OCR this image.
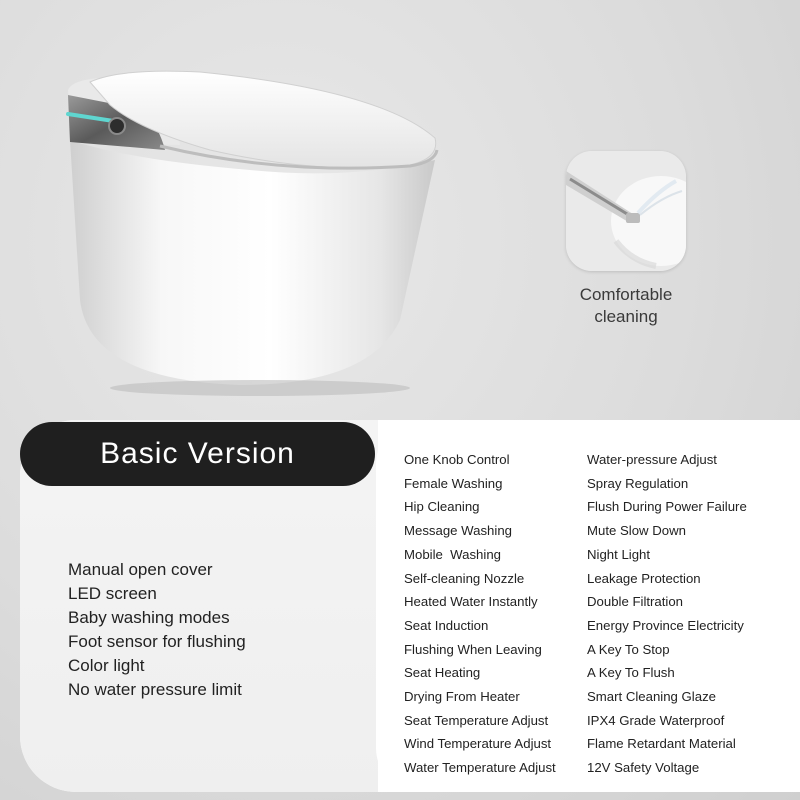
Comfortable
cleaning
Basic Version
Manual open cover
LED screen
Baby washing modes
Foot sensor for flushing
Color light
No water pressure limit
One Knob Control
Female Washing
Hip Cleaning
Message Washing
Mobile  Washing
Self-cleaning Nozzle
Heated Water Instantly
Seat Induction
Flushing When Leaving
Seat Heating
Drying From Heater
Seat Temperature Adjust
Wind Temperature Adjust
Water Temperature Adjust
Water-pressure Adjust
Spray Regulation
Flush During Power Failure
Mute Slow Down
Night Light
Leakage Protection
Double Filtration
Energy Province Electricity
A Key To Stop
A Key To Flush
Smart Cleaning Glaze
IPX4 Grade Waterproof
Flame Retardant Material
12V Safety Voltage
